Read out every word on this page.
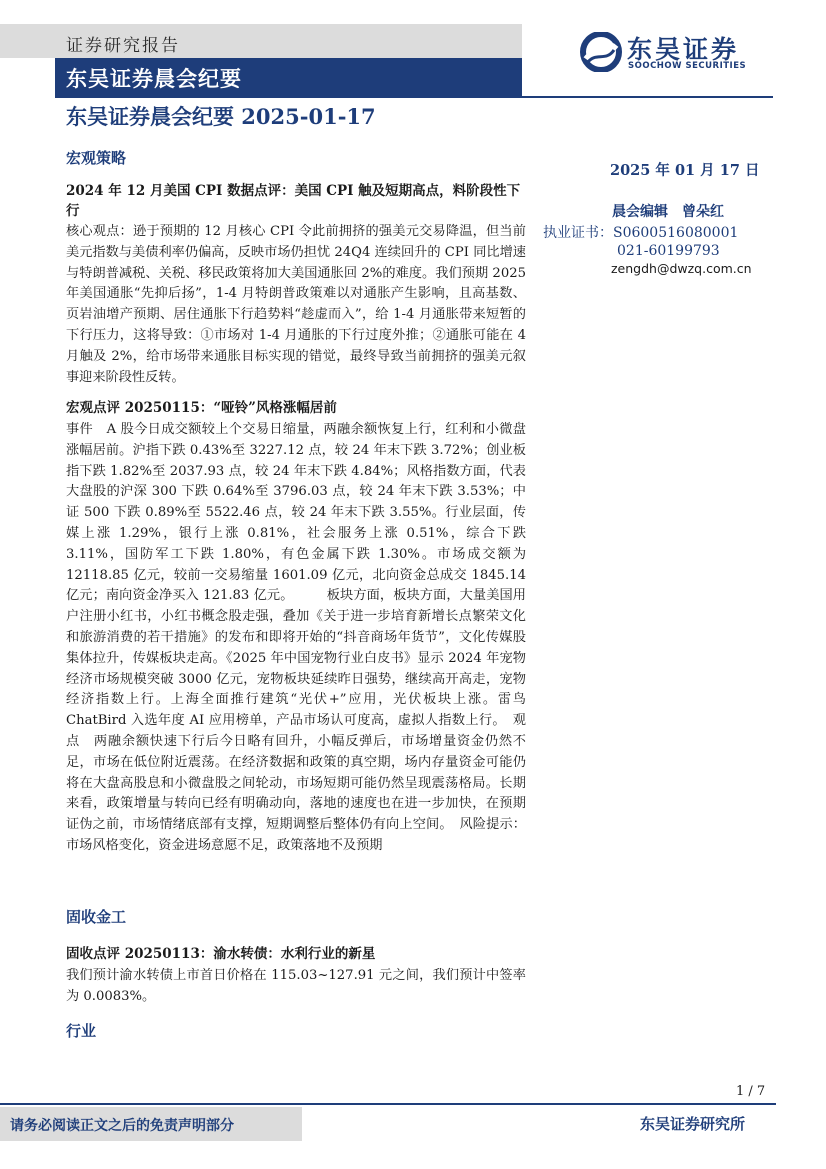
证券研究报告
东吴证券晨会纪要
东吴证券
SOOCHOW SECURITIES
东吴证券晨会纪要 2025-01-17
2025 年 01 月 17 日
晨会编辑　曾朵红
执业证书：S0600516080001
021-60199793
zengdh@dwzq.com.cn
宏观策略
2024 年 12 月美国 CPI 数据点评：美国 CPI 触及短期高点，料阶段性下行
核心观点：逊于预期的 12 月核心 CPI 令此前拥挤的强美元交易降温，但当前美元指数与美债利率仍偏高，反映市场仍担忧 24Q4 连续回升的 CPI 同比增速与特朗普减税、关税、移民政策将加大美国通胀回 2%的难度。我们预期 2025 年美国通胀“先抑后扬”，1-4 月特朗普政策难以对通胀产生影响，且高基数、页岩油增产预期、居住通胀下行趋势料“趁虚而入”，给 1-4 月通胀带来短暂的下行压力，这将导致：①市场对 1-4 月通胀的下行过度外推；②通胀可能在 4 月触及 2%，给市场带来通胀目标实现的错觉，最终导致当前拥挤的强美元叙事迎来阶段性反转。
宏观点评 20250115：“哑铃”风格涨幅居前
事件　A 股今日成交额较上个交易日缩量，两融余额恢复上行，红利和小微盘涨幅居前。沪指下跌 0.43%至 3227.12 点，较 24 年末下跌 3.72%；创业板指下跌 1.82%至 2037.93 点，较 24 年末下跌 4.84%；风格指数方面，代表大盘股的沪深 300 下跌 0.64%至 3796.03 点，较 24 年末下跌 3.53%；中证 500 下跌 0.89%至 5522.46 点，较 24 年末下跌 3.55%。行业层面，传媒上涨 1.29%，银行上涨 0.81%，社会服务上涨 0.51%，综合下跌 3.11%，国防军工下跌 1.80%，有色金属下跌 1.30%。市场成交额为 12118.85 亿元，较前一交易缩量 1601.09 亿元，北向资金总成交 1845.14 亿元；南向资金净买入 121.83 亿元。　　　板块方面，板块方面，大量美国用户注册小红书，小红书概念股走强，叠加《关于进一步培育新增长点繁荣文化和旅游消费的若干措施》的发布和即将开始的“抖音商场年货节”，文化传媒股集体拉升，传媒板块走高。《2025 年中国宠物行业白皮书》显示 2024 年宠物经济市场规模突破 3000 亿元，宠物板块延续昨日强势，继续高开高走，宠物经济指数上行。上海全面推行建筑“光伏+”应用，光伏板块上涨。雷鸟 ChatBird 入选年度 AI 应用榜单，产品市场认可度高，虚拟人指数上行。　观点　两融余额快速下行后今日略有回升，小幅反弹后，市场增量资金仍然不足，市场在低位附近震荡。在经济数据和政策的真空期，场内存量资金可能仍将在大盘高股息和小微盘股之间轮动，市场短期可能仍然呈现震荡格局。长期来看，政策增量与转向已经有明确动向，落地的速度也在进一步加快，在预期证伪之前，市场情绪底部有支撑，短期调整后整体仍有向上空间。　风险提示：市场风格变化，资金进场意愿不足，政策落地不及预期
固收金工
固收点评 20250113：渝水转债：水利行业的新星
我们预计渝水转债上市首日价格在 115.03~127.91 元之间，我们预计中签率为 0.0083%。
行业
1 / 7
请务必阅读正文之后的免责声明部分	东吴证券研究所
